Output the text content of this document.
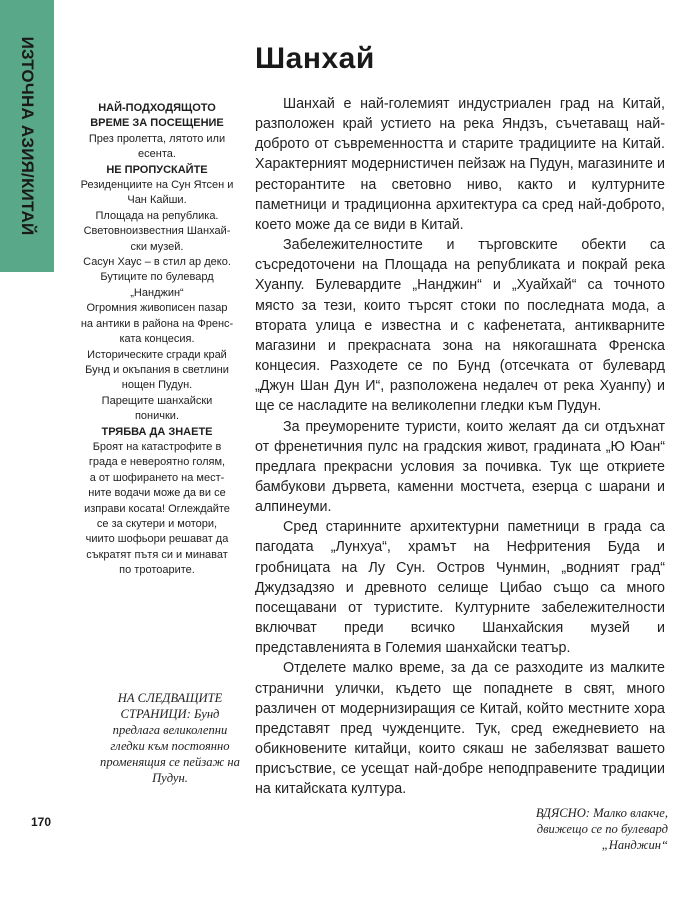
ИЗТОЧНА АЗИЯ/КИТАЙ	НАЙ-ПОДХОДЯЩОТО
ВРЕМЕ ЗА ПОСЕЩЕНИЕ
През пролетта, лятото или
есента.
НЕ ПРОПУСКАЙТЕ
Резиденциите на Сун Ятсен и
Чан Кайши.
Площада на република.
Световноизвестния Шанхай-
ски музей.
Сасун Хаус – в стил ар деко.
Бутиците по булевард
„Нанджин“
Огромния живописен пазар
на антики в района на Френс-
ката концесия.
Историческите сгради край
Бунд и окъпания в светлини
нощен Пудун.
Парещите шанхайски
понички.
ТРЯБВА ДА ЗНАЕТЕ
Броят на катастрофите в
града е невероятно голям,
а от шофирането на мест-
ните водачи може да ви се
изправи косата! Оглеждайте
се за скутери и мотори,
чиито шофьори решават да
съкратят пътя си и минават
по тротоарите.
Шанхай

Шанхай е най-големият индустриален град на Китай, разположен край устието на река Яндзъ, съчетаващ най-доброто от съвременността и старите традициите на Китай. Характерният модернистичен пейзаж на Пудун, магазините и ресторантите на световно ниво, както и културните паметници и традиционна архитектура са сред най-доброто, което може да се види в Китай.

Забележителностите и търговските обекти са съсредоточени на Площада на републиката и покрай река Хуанпу. Булевардите „Нанджин“ и „Хуайхай“ са точното място за тези, които търсят стоки по последната мода, а втората улица е известна и с кафенетата, антикварните магазини и прекрасната зона на някогашната Френска концесия. Разходете се по Бунд (отсечката от булевард „Джун Шан Дун И“, разположена недалеч от река Хуанпу) и ще се насладите на великолепни гледки към Пудун.

За преуморените туристи, които желаят да си отдъхнат от френетичния пулс на градския живот, градината „Ю Юан“ предлага прекрасни условия за почивка. Тук ще откриете бамбукови дървета, каменни мостчета, езерца с шарани и алпинеуми.

Сред старинните архитектурни паметници в града са пагодата „Лунхуа“, храмът на Нефритения Буда и гробницата на Лу Сун. Остров Чунмин, „водният град“ Джудзадзяо и древното селище Цибао също са много посещавани от туристите. Културните забележителности включват преди всичко Шанхайския музей и представленията в Големия шанхайски театър.

Отделете малко време, за да се разходите из малките странични улички, където ще попаднете в свят, много различен от модернизиращия се Китай, който местните хора представят пред чужденците. Тук, сред ежедневието на обикновените китайци, които сякаш не забелязват вашето присъствие, се усещат най-добре неподправените традиции на китайската култура.

НА СЛЕДВАЩИТЕ
СТРАНИЦИ: Бунд
предлага великолепни
гледки към постоянно
променящия се пейзаж на
Пудун.
170
ВДЯСНО: Малко влакче,
движещо се по булевард
„Нанджин“
